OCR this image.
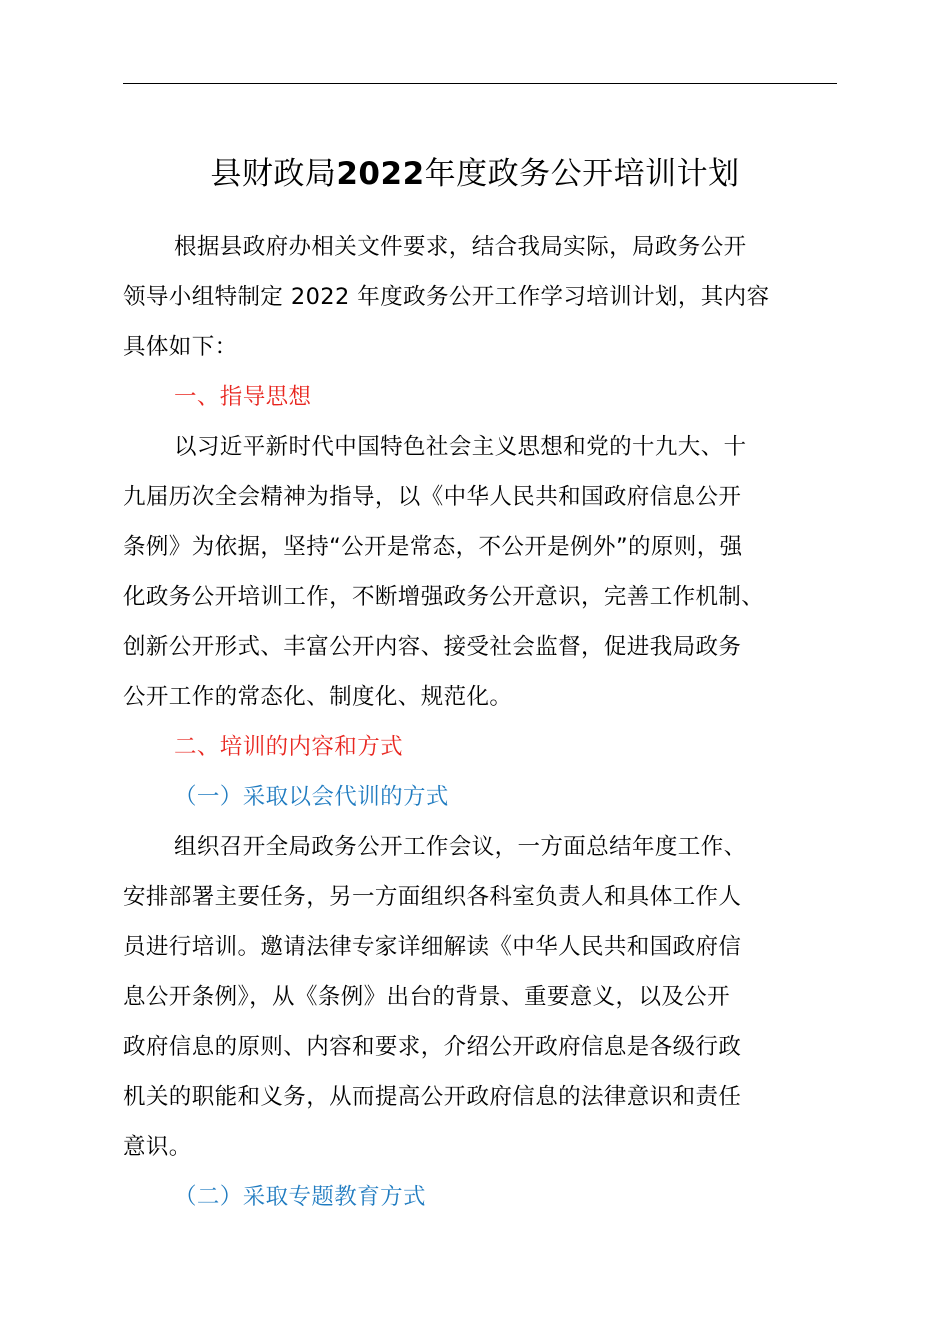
县财政局2022年度政务公开培训计划
根据县政府办相关文件要求，结合我局实际，局政务公开
领导小组特制定 2022 年度政务公开工作学习培训计划，其内容
具体如下：
一、指导思想
以习近平新时代中国特色社会主义思想和党的十九大、十
九届历次全会精神为指导，以《中华人民共和国政府信息公开
条例》为依据，坚持“公开是常态，不公开是例外”的原则，强
化政务公开培训工作，不断增强政务公开意识，完善工作机制、
创新公开形式、丰富公开内容、接受社会监督，促进我局政务
公开工作的常态化、制度化、规范化。
二、培训的内容和方式
（一）采取以会代训的方式
组织召开全局政务公开工作会议，一方面总结年度工作、
安排部署主要任务，另一方面组织各科室负责人和具体工作人
员进行培训。邀请法律专家详细解读《中华人民共和国政府信
息公开条例》，从《条例》出台的背景、重要意义，以及公开
政府信息的原则、内容和要求，介绍公开政府信息是各级行政
机关的职能和义务，从而提高公开政府信息的法律意识和责任
意识。
（二）采取专题教育方式
